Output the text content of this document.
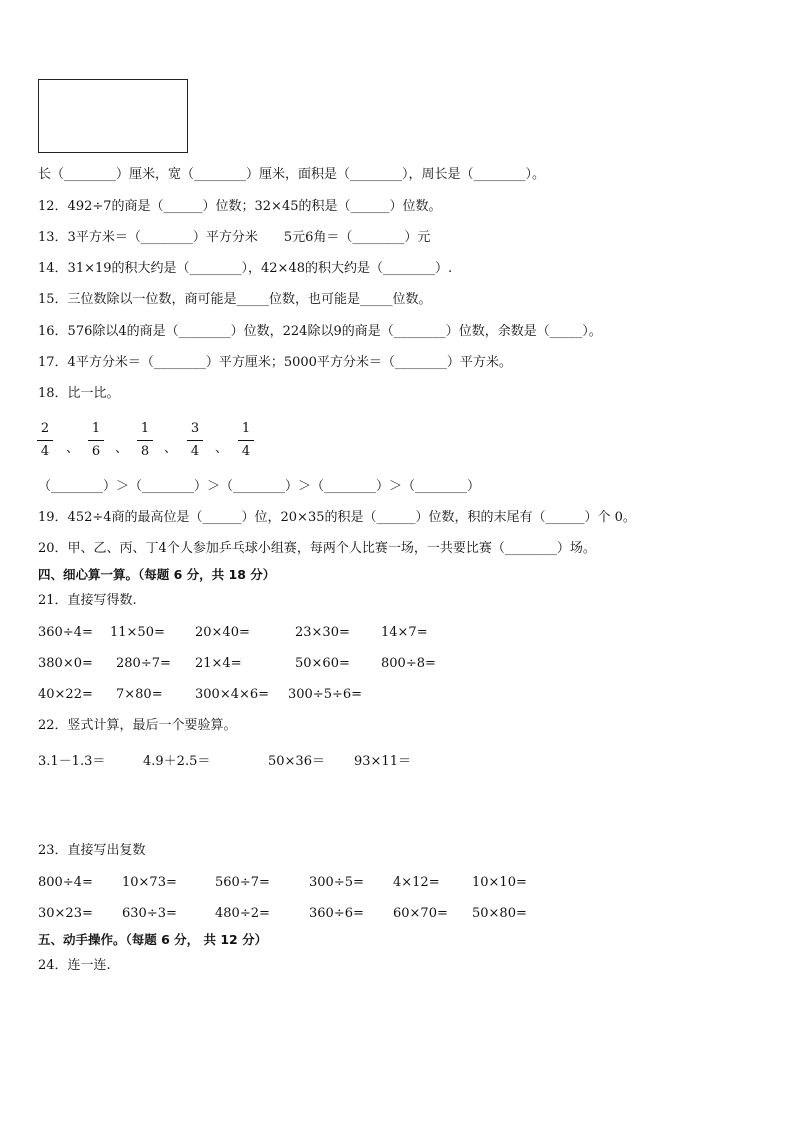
长（________）厘米，宽（________）厘米，面积是（________），周长是（________）。
12．492÷7的商是（______）位数；32×45的积是（______）位数。
13．3平方米＝（________）平方分米　　5元6角＝（________）元
14．31×19的积大约是（________），42×48的积大约是（________）.
15．三位数除以一位数，商可能是_____位数，也可能是_____位数。
16．576除以4的商是（________）位数，224除以9的商是（________）位数，余数是（_____）。
17．4平方分米＝（________）平方厘米；5000平方分米＝（________）平方米。
18．比一比。
2
4 、
1
6 、
1
8 、
3
4 、
1
4
（________）＞（________）＞（________）＞（________）＞（________）
19．452÷4商的最高位是（______）位，20×35的积是（______）位数，积的末尾有（______）个 0。
20．甲、乙、丙、丁4个人参加乒乓球小组赛，每两个人比赛一场，一共要比赛（________）场。
四、细心算一算。（每题 6 分，共 18 分）
21．直接写得数.
360÷4= 11×50= 20×40=	23×30= 14×7=
380×0= 280÷7= 21×4=	50×60= 800÷8=
40×22= 7×80= 300×4×6= 300÷5÷6=
22．竖式计算，最后一个要验算。
3.1－1.3＝	4.9＋2.5＝	50×36＝ 93×11＝
23．直接写出复数
800÷4= 10×73=	560÷7=	300÷5= 4×12= 10×10=
30×23= 630÷3=	480÷2=	360÷6= 60×70= 50×80=
五、动手操作。（每题 6 分， 共 12 分）
24．连一连.
